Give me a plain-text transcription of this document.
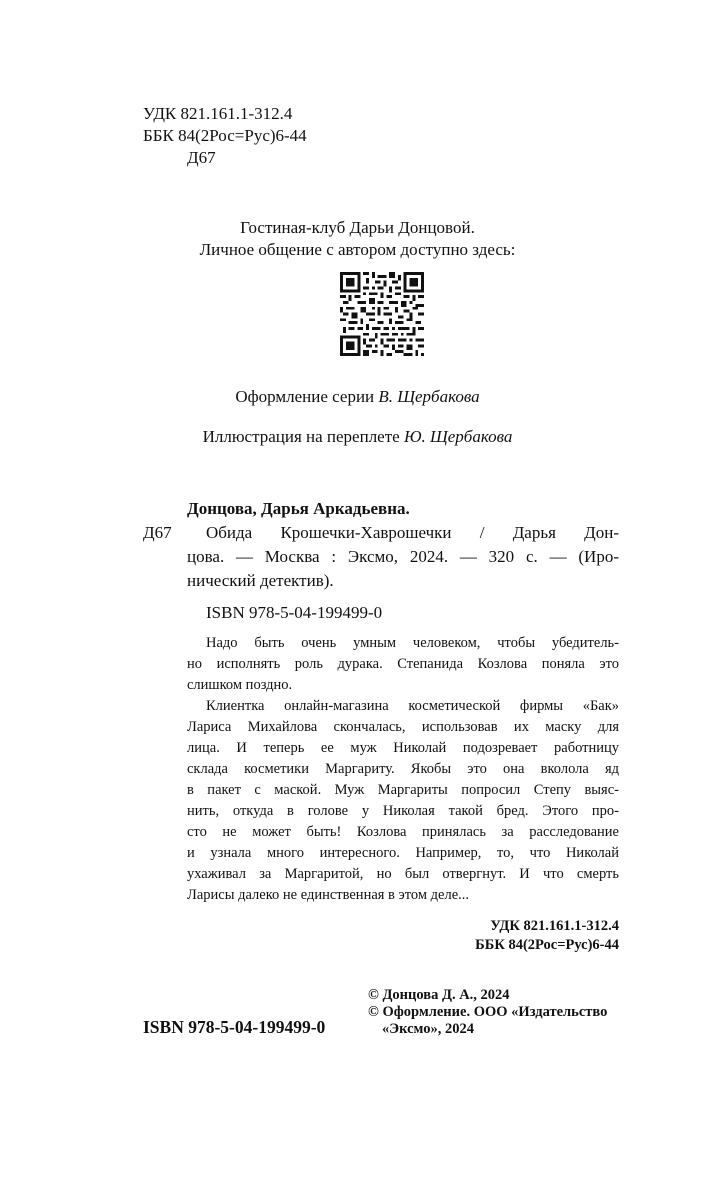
УДК 821.161.1-312.4
ББК 84(2Рос=Рус)6-44
Д67
Гостиная-клуб Дарьи Донцовой.
Личное общение с автором доступно здесь:
Оформление серии В. Щербакова
Иллюстрация на переплете Ю. Щербакова
Донцова, Дарья Аркадьевна.
Д67 Обида Крошечки-Хаврошечки / Дарья Дон-
цова. — Москва : Эксмо, 2024. — 320 с. — (Иро-
нический детектив).
ISBN 978-5-04-199499-0
Надо быть очень умным человеком, чтобы убедитель-
но исполнять роль дурака. Степанида Козлова поняла это
слишком поздно.
Клиентка онлайн-магазина косметической фирмы «Бак»
Лариса Михайлова скончалась, использовав их маску для
лица. И теперь ее муж Николай подозревает работницу
склада косметики Маргариту. Якобы это она вколола яд
в пакет с маской. Муж Маргариты попросил Степу выяс-
нить, откуда в голове у Николая такой бред. Этого про-
сто не может быть! Козлова принялась за расследование
и узнала много интересного. Например, то, что Николай
ухаживал за Маргаритой, но был отвергнут. И что смерть
Ларисы далеко не единственная в этом деле...
УДК 821.161.1-312.4
ББК 84(2Рос=Рус)6-44
© Донцова Д. А., 2024
© Оформление. ООО «Издательство
«Эксмо», 2024
ISBN 978-5-04-199499-0
